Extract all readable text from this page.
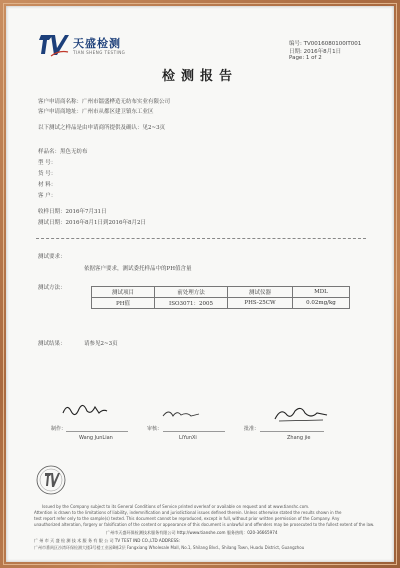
天盛检测
TIAN SHENG TESTING
编号: TV0016080100IT001
日期: 2016年8月1日
Page: 1 of 2
检测报告
客户申请商名称：广州市镭盛桦造无纺布实业有限公司
客户申请商地址：广州市从都区建卫镇东工业区
以下测试之样品是由申请商所提供及确认：见2~3页
样品名：黑色无纺布
型 号：
货 号：
材 料：
客 户：
收样日期：2016年7月31日
测试日期：2016年8月1日到2016年8月2日
测试要求：
依据客户要求，测试委托样品中的PH值含量
测试方法：
测试项目	前处理方法	测试仪器	MDL
PH值	ISO3071：2005	PHS-25CW	0.02mg/kg
测试结果：	请参见2~3页
制作：
Wang JunLian
审核：
LiYunXi
批准：
Zhang jie
Issued by the Company subject to its General Conditions of Service printed overleaf or available on request and at www.tianshc.com.
Attention is drawn to the limitations of liability, indemnification and jurisdictional issues defined therein. Unless otherwise stated the results shown in the
test report refer only to the sample(s) tested. This document cannot be reproduced, except in full, without prior written permission of the Company. Any
unauthorized alteration, forgery or falsification of the content or appearance of this document is unlawful and offenders may be prosecuted to the fullest extent of the law.
广州市天盛环保检测技术服务有限公司 http://www.tianshe.com 服务热线：020-36665974
广 州 市 天 盛 检 测 技 术 服 务 有 限 公 司 TV TEST IND CO.,LTD ADDRESS:
广州市番禺区沙湾环保检测大楼3号楼工业园8栋2层 Fangxiang Wholesale Mall, No.1, Shilang Blvd., Shilang Town, Huadu District, Guangzhou
